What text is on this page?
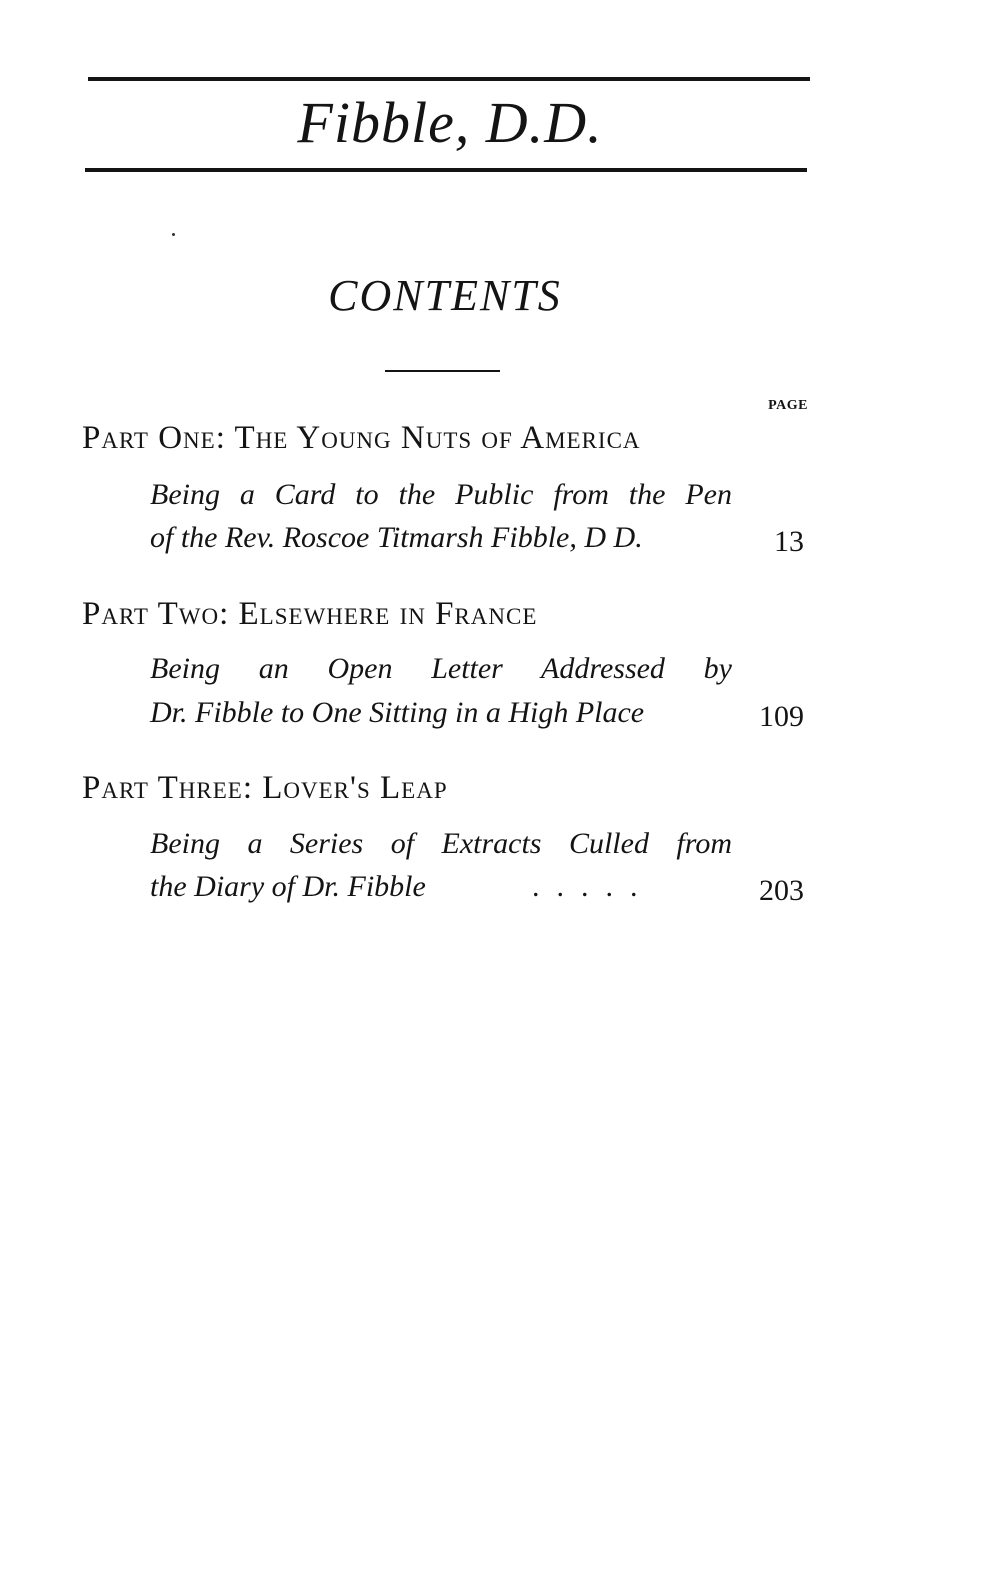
Fibble, D.D.
CONTENTS
PAGE
Part One: The Young Nuts of America
Being a Card to the Public from the Pen
of the Rev. Roscoe Titmarsh Fibble, D D.	13
Part Two: Elsewhere in France
Being an Open Letter Addressed by
Dr. Fibble to One Sitting in a High Place	109
Part Three: Lover's Leap
Being a Series of Extracts Culled from
the Diary of Dr. Fibble	.....	203
